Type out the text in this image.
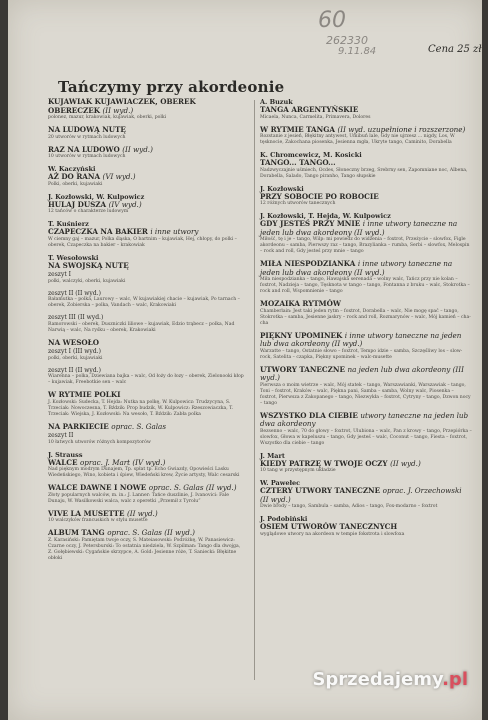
60
262330
9.11.84	Cena 25 zł
Tańczymy przy akordeonie
KUJAWIAK KUJAWIACZEK, OBEREK OBERECZEK (II wyd.)
polonez, mazur, krakowiak, kujawiak, oberki, polki
NA LUDOWĄ NUTĘ
20 utworów w rytmach ludowych
RAZ NA LUDOWO (II wyd.)
10 utworów w rytmach ludowych
W. Kaczyński
AŻ DO RANA (VI wyd.)
Polki, oberki, kujawiaki
J. Kozłowski, W. Kulpowicz
HULAJ DUSZA (IV wyd.)
12 tańców o charakterze ludowym
T. Kuśnierz
CZAPECZKA NA BAKIER i inne utwory
W ciemny gaj – mazur, Polka śląska, O bartnim – kujawiak, Hej, chłopy, do polki – oberek, Czapeczka na bakier – krakowiak
T. Wesołowski
NA SWOJSKĄ NUTĘ
zeszyt I
polki, walczyki, oberki, kujawiaki
zeszyt II (II wyd.)
Bałamutka – polka, Laurowy – walc, W kujawiakiej chacie – kujawiak, Po tarnach – oberek, Zobierska – polka, Vandach – walc, Krakowiaki
zeszyt III (II wyd.)
Ramorowski – oberek, Duszniczki liliowe – kujawiak, Edzio trąbecz – polka, Nad Narwią – walc, Na ryśku – oberek, Krakowiaki
NA WESOŁO
zeszyt I (III wyd.)
polki, oberki, kujawiaki
zeszyt II (II wyd.)
Wiarenna – polka, Dziewiana bajka – walc, Od łoży do łozy – oberek, Zielonooki kłop – kujawiak, Freebotkie sen – walc
W RYTMIE POLKI
J. Kozłowski: Sudecka, T. Hejda: Nutka na polkę, W. Kulpowicz: Trudzycyna, S. Trzeciak: Nowoczesna, T. Bździk: Prop budzik, W. Kulpowicz: Rzeszowiaczka, T. Trzeciak: Wiejska, J. Kozłowski: Na wesoło, T. Bździk: Zabła polka
NA PARKIECIE oprac. S. Galas
zeszyt II
10 łatwych utworów różnych kompozytorów
J. Strauss
WALCE oprac. J. Mart (IV wyd.)
Nad pięknym modrym Dunajem, Tp. spłat tp. Echo Gwiazdy, Opowieści Lasku Wiedeńskiego, Wino, kobieta i śpiew, Wiedeński krew, Życie artysty, Walc cesarski
WALCE DAWNE I NOWE oprac. S. Galas (II wyd.)
Złoty popularnych walców, m. in.: J. Lanner: Tańce duszlinie, J. Ivanovici: Fale Dunaju, W. Wasilkowski walca, walc z operetki „Przemił z Tyrolu”
VIVE LA MUSETTE (II wyd.)
10 walczyków francuskich w stylu musette
ALBUM TANG oprac. S. Galas (II wyd.)
Z. Karasiński: Pamiętam twoje oczy, S. Mateiasowski: Podróżkę, W. Panasiewicz: Czarne oczy, J. Petersburski: To ostatnia niedziela, W. Szpilman: Tango dla dwojga, Z. Gołębiewski: Cygańskie skrzypce, A. Gold: Jesienne róże, T. Saniecki: Błękitne obłoki
A. Buzuk
TANGA ARGENTYŃSKIE
Micaela, Nunca, Carmelita, Primavera, Dolores
W RYTMIE TANGA (II wyd. uzupełnione i rozszerzone)
Rozstanie z jesień, Błękitny antywest, Umibuń lale, Gdy nie ujrzesz ... nigdy, Los, W tęsknocie, Zakochana piosenka, Jesienna mgła, Ukryte tango, Caminito, Dorabella
K. Chromcewicz, M. Kosicki
TANGO... TANGO...
Nadzwyczajnie uśmiech, Ocdes, Słoneczny brzeg, Srebrny sen, Zapomniane noc, Albena, Dorabella, Salado, Tango piranho, Tango słupskie
J. Kozłowski
PRZY SOBOCIE PO ROBOCIE
12 różnych utworów tanecznych
J. Kozłowski, T. Hejda, W. Kulpowicz
GDY JESTEŚ PRZY MNIE i inne utwory taneczne na jeden lub dwa akordeony (II wyd.)
Miłość, tę i je – tango, Wilp: mi powiedz do widzenia – foxtrot, Przeżycie – slowfox, Figle akordeonu – samba, Pierwszy raz – tango, Brazylianka – rumba, Serbi – slowfox, Melospin – rock and roll, Gdy jesteś przy mnie – tango
MIŁA NIESPODZIANKA i inne utwory taneczne na jeden lub dwa akordeony (II wyd.)
Miła niespodzianka – tango, Hawajska serenada – wolny walc, Tańcz przy nie kolan – foxtrot, Nadzieja – tango, Tęsknota w tango – tango, Fontanna z bruku – walc, Stokrotka – rock and roll, Wspomnienie – tango
MOZAIKA RYTMÓW
Chamberlain: Jest taki jeden rytm – foxtrot, Dorabella – walc, Nie mogę spać – tango, Stokrotka – samba, Jesienne jaskry – rock and roll, Rozmarynów – walc, Mój kamień – cha-cha
PIĘKNY UPOMINEK i inne utwory taneczne na jeden lub dwa akordeony (II wyd.)
Warzatte – tango, Ostatnie słowo – foxtrot, Tempo idzie – samba, Szczęśliwy los – slow-rock, Satelita – czapka, Piękny upominek – walc-musette
UTWORY TANECZNE na jeden lub dwa akordeony (III wyd.)
Pierwsza o moim wietrze – walc, Mój statek – tango, Warszawianki, Warszawiak – tango, Toni – foxtrot, Kraków – walc, Piękna pani, Samba – samba, Wolny walc, Piosenka – foxtrot, Pierwsza z Zakopanego – tango, Niezwykła – foxtrot, Cytryny – tango, Dzwon nocy – tango
WSZYSTKO DLA CIEBIE utwory taneczne na jeden lub dwa akordeony
Bezsenno – walc, 70 do głowy – foxtrot, Ulubiona – walc, Pan z krowy – tango, Przepiórka – slowfox, Głowa w kapeluszu – tango, Gdy jesteś – walc, Coconut – tango, Fiesta – foxtrot, Wszystko dla ciebie – tango
J. Mart
KIEDY PATRZĘ W TWOJE OCZY (II wyd.)
10 tang w przystępnym układzie
W. Pawełec
CZTERY UTWORY TANECZNE oprac. J. Orzechowski (II wyd.)
Dwie brody – tango, Sambula – samba, Adios – tango, Fox-modarno – foxtrot
J. Podobiński
OSIEM UTWORÓW TANECZNYCH
wyglądowe utwory na akordeon w tempie fokstrota i slowfoxa
Sprzedajemy.pl
